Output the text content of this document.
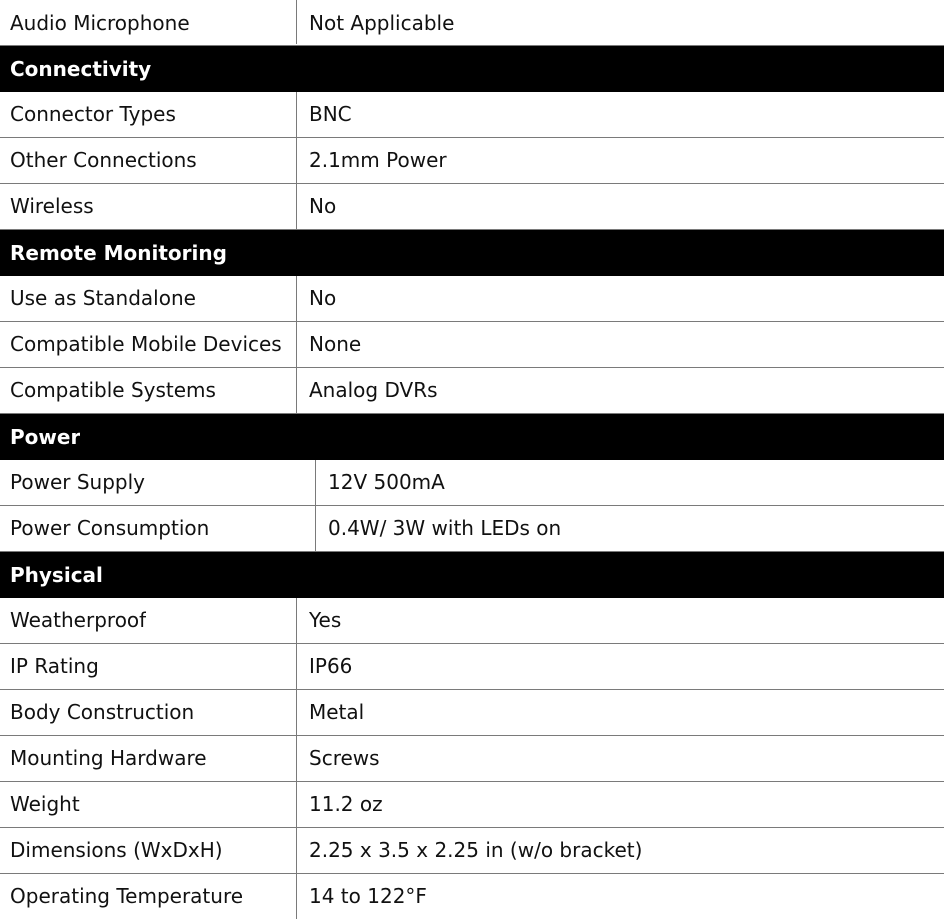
Audio Microphone	Not Applicable
Connectivity
Connector Types	BNC
Other Connections	2.1mm Power
Wireless	No
Remote Monitoring
Use as Standalone	No
Compatible Mobile Devices	None
Compatible Systems	Analog DVRs
Power
Power Supply	12V 500mA
Power Consumption	0.4W/ 3W with LEDs on
Physical
Weatherproof	Yes
IP Rating	IP66
Body Construction	Metal
Mounting Hardware	Screws
Weight	11.2 oz
Dimensions (WxDxH)	2.25 x 3.5 x 2.25 in (w/o bracket)
Operating Temperature	14 to 122°F
